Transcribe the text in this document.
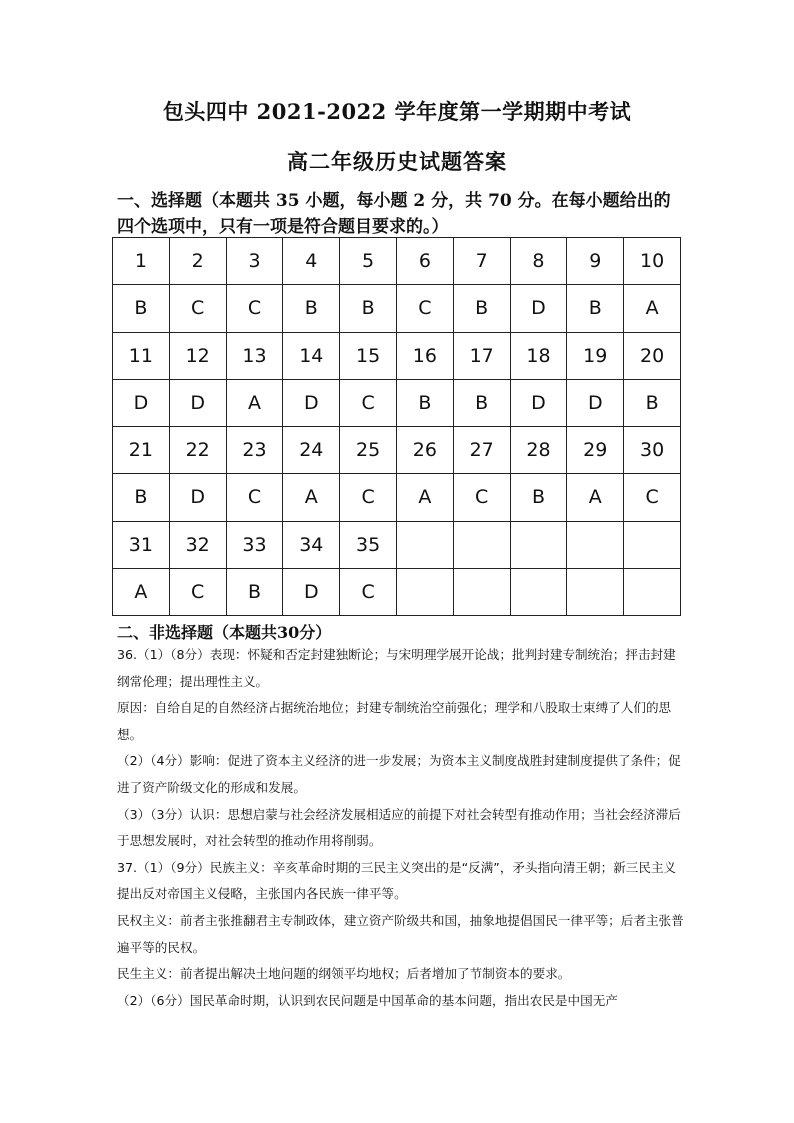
包头四中 2021-2022 学年度第一学期期中考试
高二年级历史试题答案
一、选择题（本题共 35 小题，每小题 2 分，共 70 分。在每小题给出的四个选项中，只有一项是符合题目要求的。）
1	2	3	4	5	6	7	8	9	10
B	C	C	B	B	C	B	D	B	A
11	12	13	14	15	16	17	18	19	20
D	D	A	D	C	B	B	D	D	B
21	22	23	24	25	26	27	28	29	30
B	D	C	A	C	A	C	B	A	C
31	32	33	34	35					
A	C	B	D	C					
二、非选择题（本题共30分）

36.（1）（8分）表现：怀疑和否定封建独断论；与宋明理学展开论战；批判封建专制统治；抨击封建纲常伦理；提出理性主义。

原因：自给自足的自然经济占据统治地位；封建专制统治空前强化；理学和八股取士束缚了人们的思想。

（2）（4分）影响：促进了资本主义经济的进一步发展；为资本主义制度战胜封建制度提供了条件；促进了资产阶级文化的形成和发展。

（3）（3分）认识：思想启蒙与社会经济发展相适应的前提下对社会转型有推动作用；当社会经济滞后于思想发展时，对社会转型的推动作用将削弱。

37.（1）（9分）民族主义：辛亥革命时期的三民主义突出的是“反满”，矛头指向清王朝；新三民主义提出反对帝国主义侵略，主张国内各民族一律平等。

民权主义：前者主张推翻君主专制政体，建立资产阶级共和国，抽象地提倡国民一律平等；后者主张普遍平等的民权。

民生主义：前者提出解决土地问题的纲领平均地权；后者增加了节制资本的要求。

（2）（6分）国民革命时期，认识到农民问题是中国革命的基本问题，指出农民是中国无产
